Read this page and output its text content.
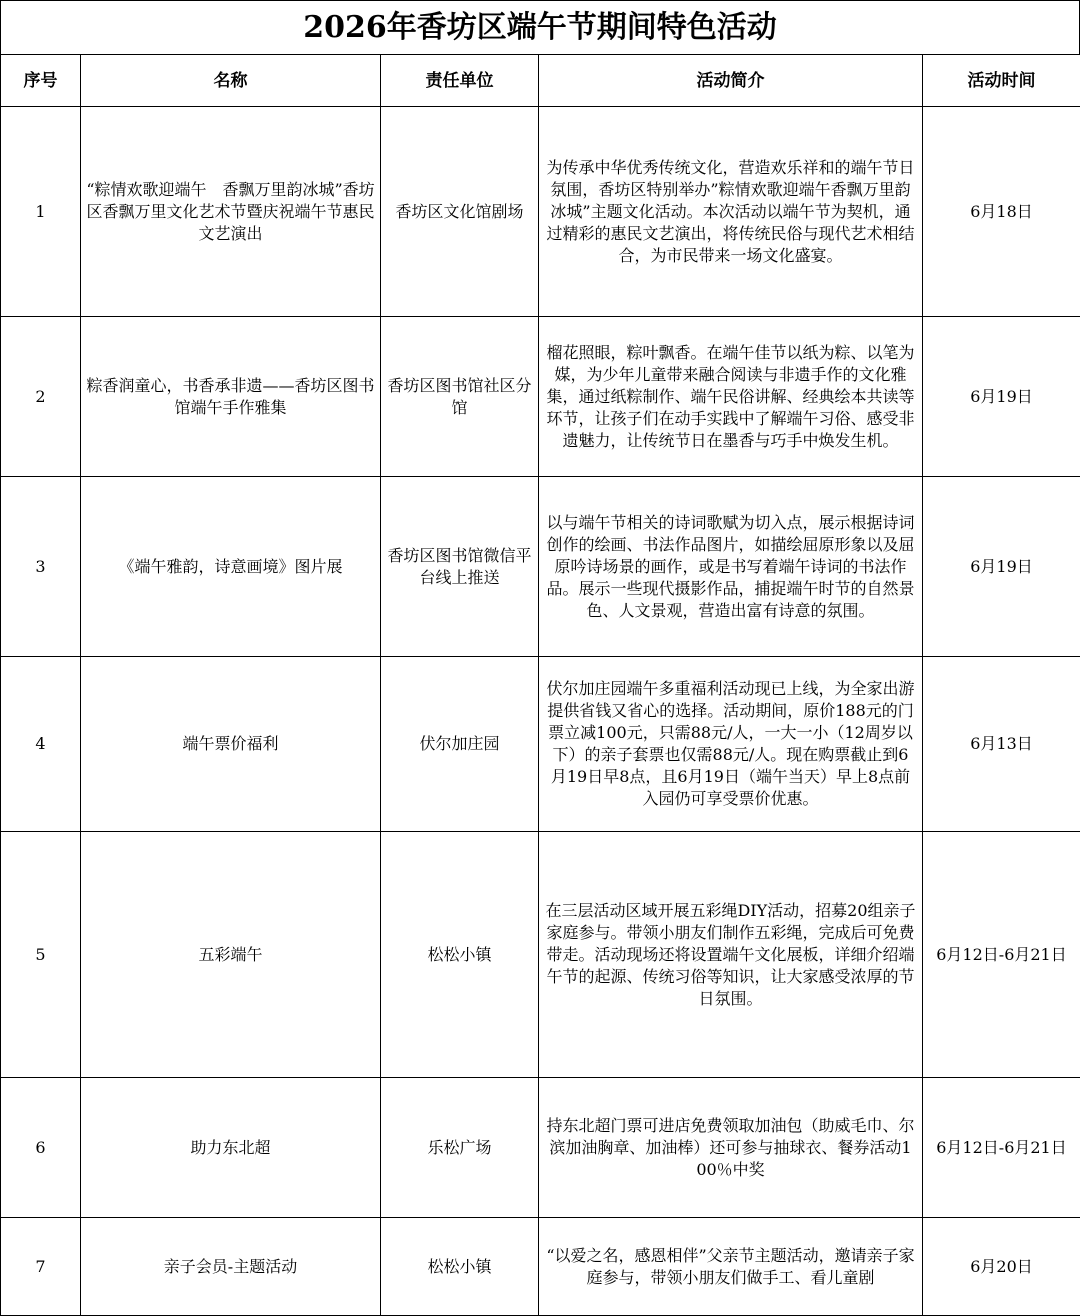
2026年香坊区端午节期间特色活动
序号	名称	责任单位	活动简介	活动时间
1	“粽情欢歌迎端午　香飘万里韵冰城”香坊区香飘万里文化艺术节暨庆祝端午节惠民文艺演出	香坊区文化馆剧场	为传承中华优秀传统文化，营造欢乐祥和的端午节日氛围，香坊区特别举办”粽情欢歌迎端午香飘万里韵冰城”主题文化活动。本次活动以端午节为契机，通过精彩的惠民文艺演出，将传统民俗与现代艺术相结合，为市民带来一场文化盛宴。	6月18日
2	粽香润童心，书香承非遗——香坊区图书馆端午手作雅集	香坊区图书馆社区分馆	榴花照眼，粽叶飘香。在端午佳节以纸为粽、以笔为媒，为少年儿童带来融合阅读与非遗手作的文化雅集，通过纸粽制作、端午民俗讲解、经典绘本共读等环节，让孩子们在动手实践中了解端午习俗、感受非遗魅力，让传统节日在墨香与巧手中焕发生机。	6月19日
3	《端午雅韵，诗意画境》图片展	香坊区图书馆微信平台线上推送	以与端午节相关的诗词歌赋为切入点，展示根据诗词创作的绘画、书法作品图片，如描绘屈原形象以及屈原吟诗场景的画作，或是书写着端午诗词的书法作品。展示一些现代摄影作品，捕捉端午时节的自然景色、人文景观，营造出富有诗意的氛围。	6月19日
4	端午票价福利	伏尔加庄园	伏尔加庄园端午多重福利活动现已上线，为全家出游提供省钱又省心的选择。活动期间，原价188元的门票立减100元，只需88元/人，一大一小（12周岁以下）的亲子套票也仅需88元/人。现在购票截止到6月19日早8点，且6月19日（端午当天）早上8点前入园仍可享受票价优惠。	6月13日
5	五彩端午	松松小镇	在三层活动区域开展五彩绳DIY活动，招募20组亲子家庭参与。带领小朋友们制作五彩绳，完成后可免费带走。活动现场还将设置端午文化展板，详细介绍端午节的起源、传统习俗等知识，让大家感受浓厚的节日氛围。	6月12日-6月21日
6	助力东北超	乐松广场	持东北超门票可进店免费领取加油包（助威毛巾、尔滨加油胸章、加油棒）还可参与抽球衣、餐券活动100％中奖	6月12日-6月21日
7	亲子会员-主题活动	松松小镇	“以爱之名，感恩相伴”父亲节主题活动，邀请亲子家庭参与，带领小朋友们做手工、看儿童剧	6月20日
